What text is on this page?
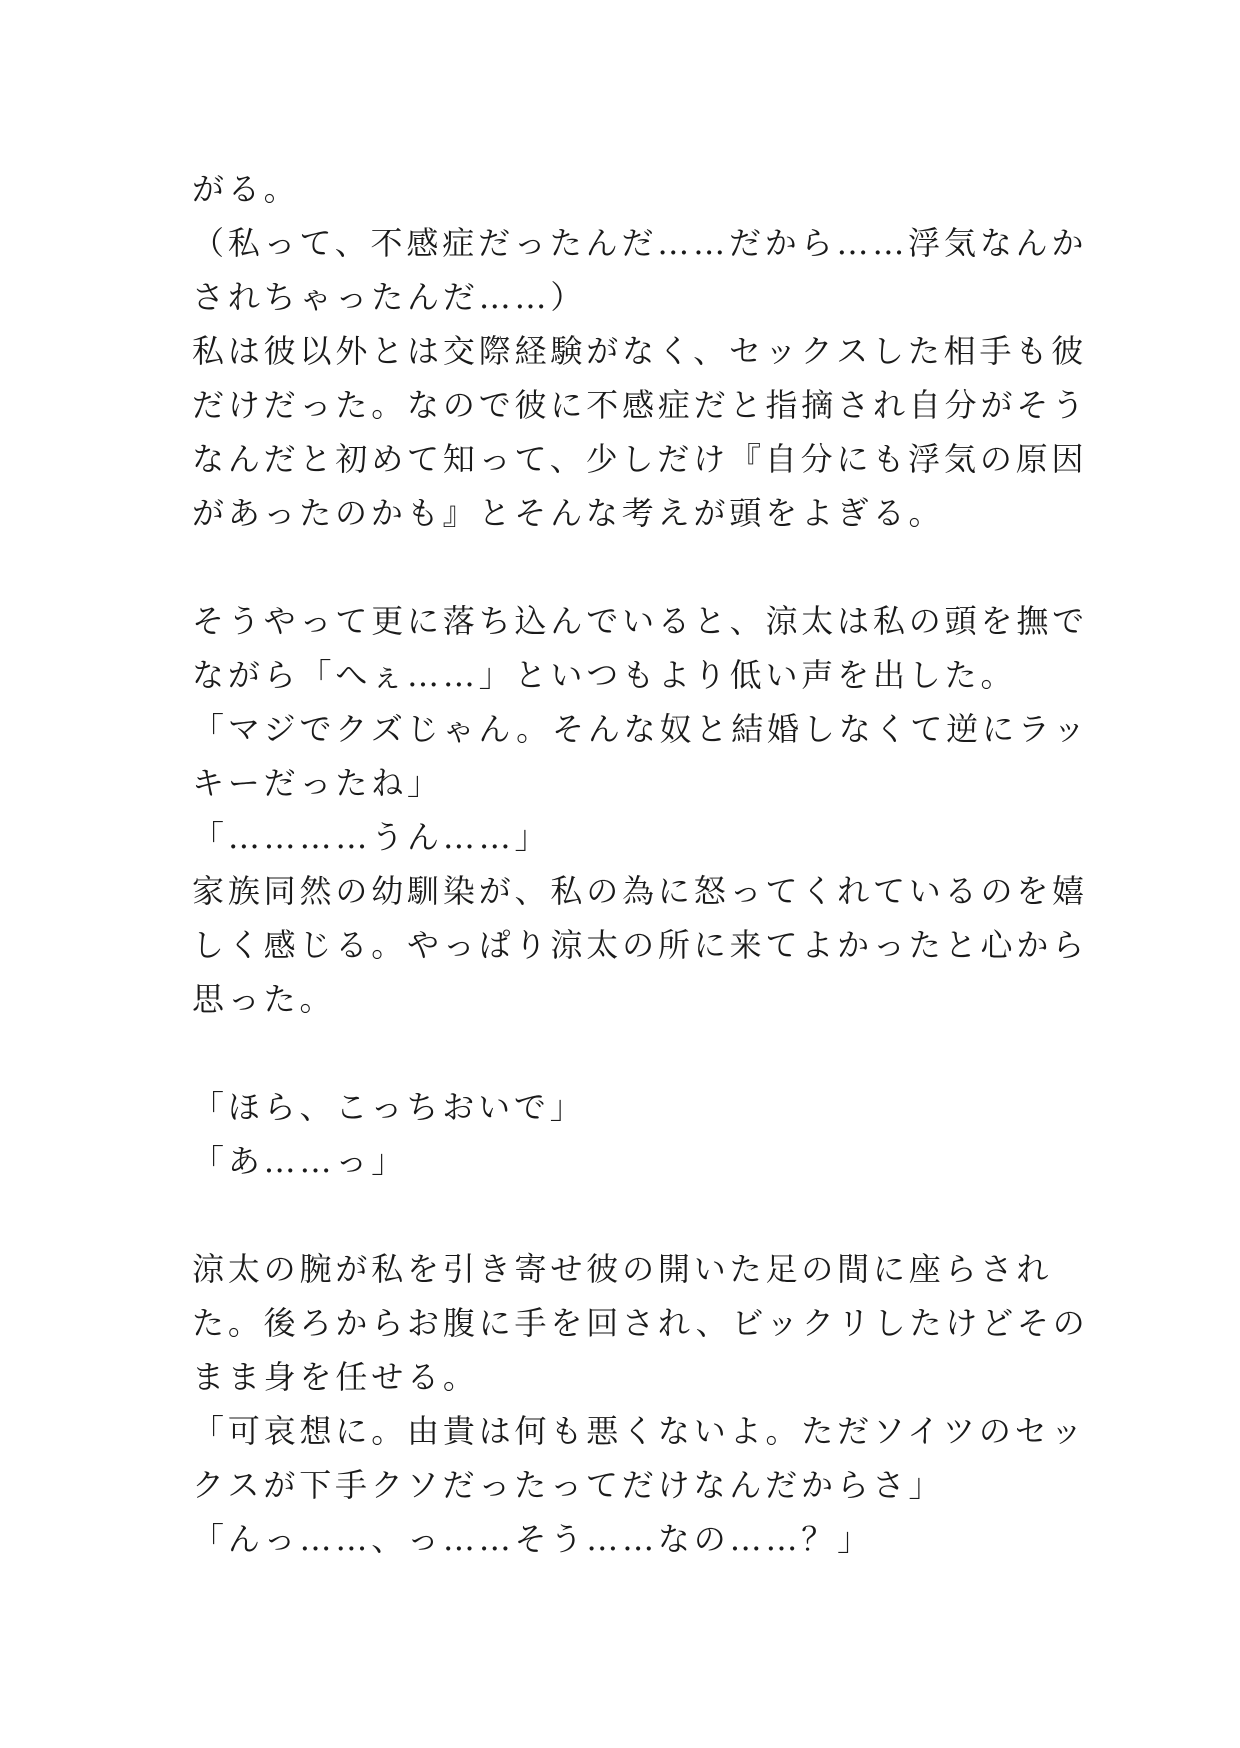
がる。
（私って、不感症だったんだ……だから……浮気なんか
されちゃったんだ……）
私は彼以外とは交際経験がなく、セックスした相手も彼
だけだった。なので彼に不感症だと指摘され自分がそう
なんだと初めて知って、少しだけ『自分にも浮気の原因
があったのかも』とそんな考えが頭をよぎる。
そうやって更に落ち込んでいると、涼太は私の頭を撫で
ながら「へぇ……」といつもより低い声を出した。
「マジでクズじゃん。そんな奴と結婚しなくて逆にラッ
キーだったね」
「…………うん……」
家族同然の幼馴染が、私の為に怒ってくれているのを嬉
しく感じる。やっぱり涼太の所に来てよかったと心から
思った。
「ほら、こっちおいで」
「あ……っ」
涼太の腕が私を引き寄せ彼の開いた足の間に座らされ
た。後ろからお腹に手を回され、ビックリしたけどその
まま身を任せる。
「可哀想に。由貴は何も悪くないよ。ただソイツのセッ
クスが下手クソだったってだけなんだからさ」
「んっ……、っ……そう……なの……？」
